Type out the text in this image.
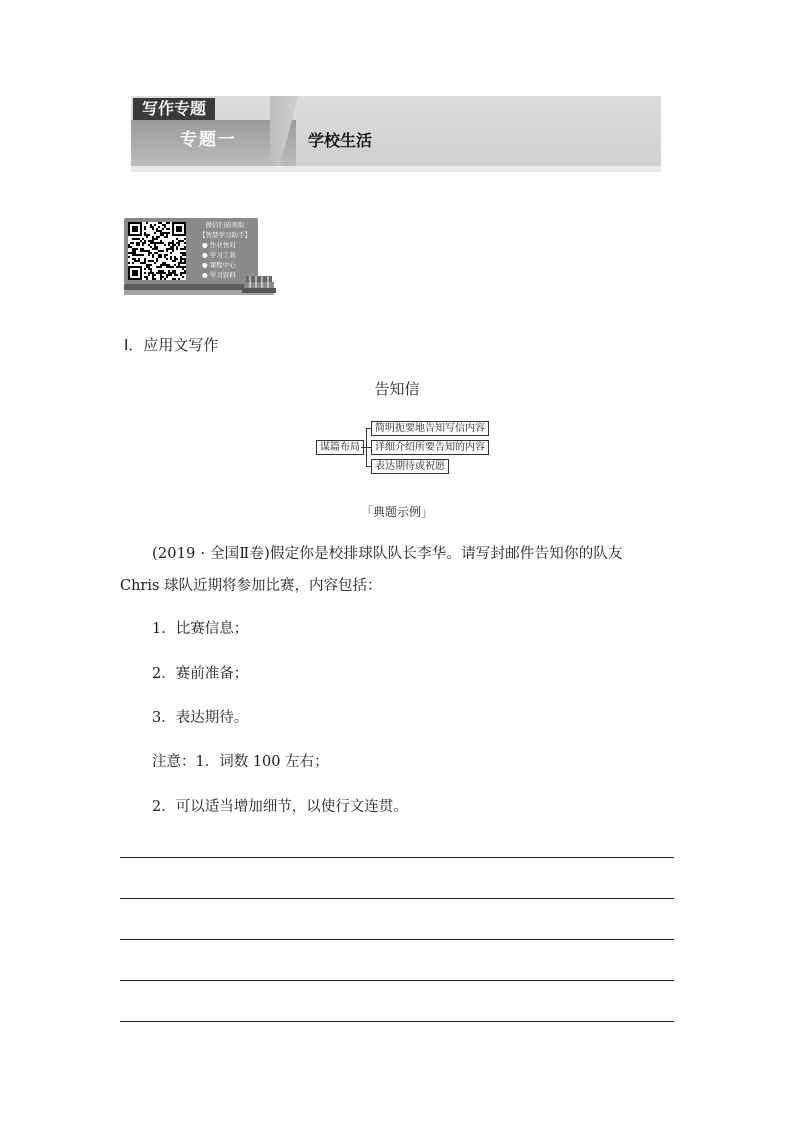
写作专题
专题一	学校生活
微信扫码领取
【智慧学习助手】
● 作业快对
● 学习工具
● 课程中心
● 学习资料
Ⅰ．应用文写作
告知信
谋篇布局
简明扼要地告知写信内容
详细介绍所要告知的内容
表达期待或祝愿
「典题示例」
(2019 · 全国Ⅱ卷)假定你是校排球队队长李华。请写封邮件告知你的队友
Chris 球队近期将参加比赛，内容包括：
1．比赛信息；
2．赛前准备；
3．表达期待。
注意：1．词数 100 左右；
2．可以适当增加细节，以使行文连贯。
